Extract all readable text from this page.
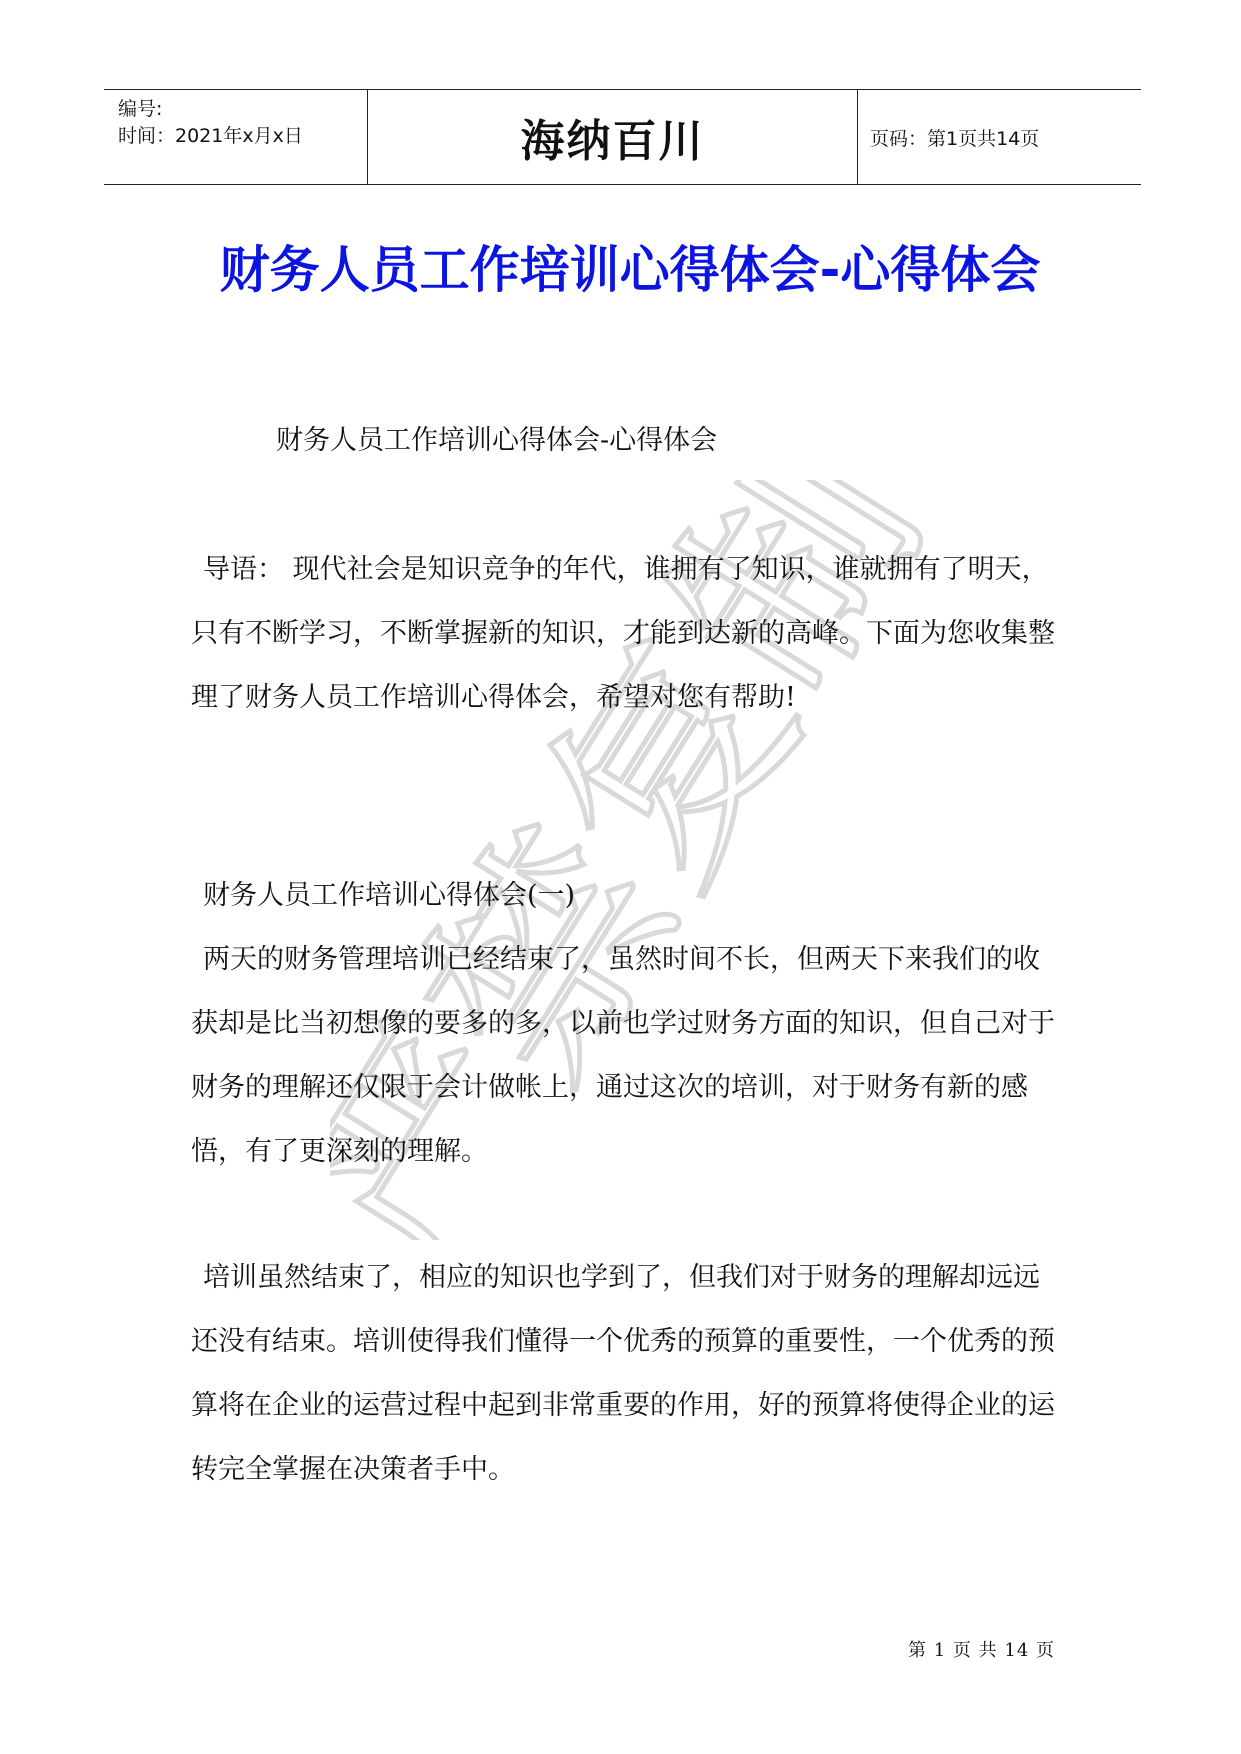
严禁复制
编号:
时间：2021年x月x日	海纳百川	页码：第1页共14页
财务人员工作培训心得体会-心得体会

财务人员工作培训心得体会-心得体会

导语： 现代社会是知识竞争的年代，谁拥有了知识，谁就拥有了明天，只有不断学习，不断掌握新的知识，才能到达新的高峰。下面为您收集整理了财务人员工作培训心得体会，希望对您有帮助!

财务人员工作培训心得体会(一)

两天的财务管理培训已经结束了，虽然时间不长，但两天下来我们的收获却是比当初想像的要多的多，以前也学过财务方面的知识，但自己对于财务的理解还仅限于会计做帐上，通过这次的培训，对于财务有新的感悟，有了更深刻的理解。

培训虽然结束了，相应的知识也学到了，但我们对于财务的理解却远远还没有结束。培训使得我们懂得一个优秀的预算的重要性，一个优秀的预算将在企业的运营过程中起到非常重要的作用，好的预算将使得企业的运转完全掌握在决策者手中。

第 1 页 共 14 页
